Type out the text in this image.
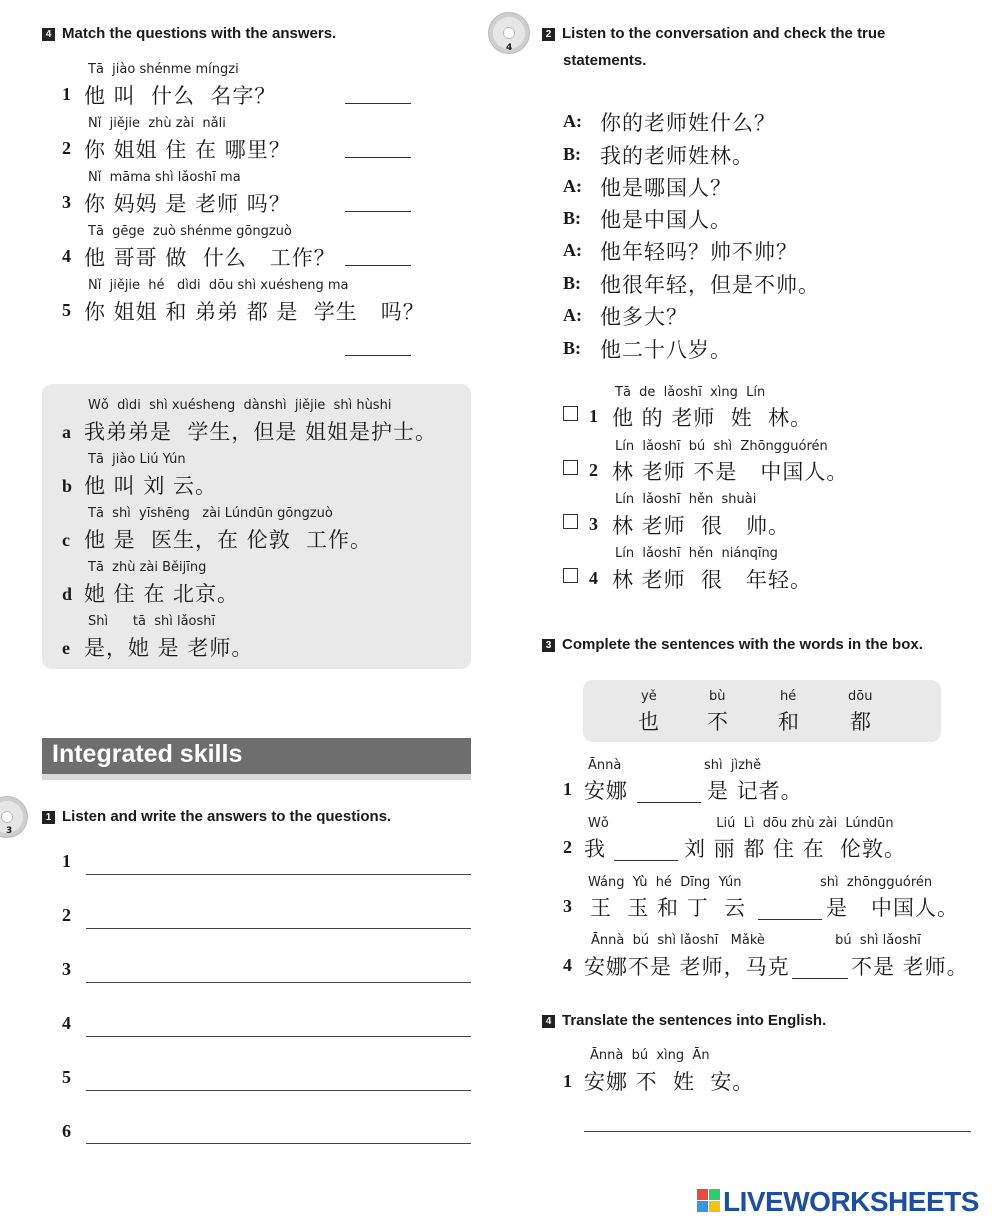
4 Match the questions with the answers.
Tā  jiào shénme míngzi
1 他 叫  什么  名字？
Nǐ  jiějie  zhù zài  nǎli
2 你 姐姐 住 在 哪里？
Nǐ  māma shì lǎoshī ma
3 你 妈妈 是 老师 吗？
Tā  gēge  zuò shénme gōngzuò
4 他 哥哥 做  什么   工作？
Nǐ  jiějie  hé   dìdi  dōu shì xuésheng ma
5 你 姐姐 和 弟弟 都 是  学生   吗？
Wǒ  dìdi  shì xuésheng  dànshì  jiějie  shì hùshi
a 我弟弟是  学生，但是 姐姐是护士。
Tā  jiào Liú Yún
b 他 叫 刘 云。
Tā  shì  yīshēng   zài Lúndūn gōngzuò
c 他 是  医生，在 伦敦  工作。
Tā  zhù zài Běijīng
d 她 住 在 北京。
Shì      tā  shì lǎoshī
e 是，她 是 老师。
Integrated skills
3
1 Listen and write the answers to the questions.
1
2
3
4
5
6
4
2 Listen to the conversation and check the true
statements.
A: 你的老师姓什么？
B: 我的老师姓林。
A: 他是哪国人？
B: 他是中国人。
A: 他年轻吗？帅不帅？
B: 他很年轻，但是不帅。
A: 他多大？
B: 他二十八岁。
Tā  de  lǎoshī  xìng  Lín
1 他 的 老师  姓  林。
Lín  lǎoshī  bú  shì  Zhōngguórén
2 林 老师 不是   中国人。
Lín  lǎoshī  hěn  shuài
3 林 老师  很   帅。
Lín  lǎoshī  hěn  niánqīng
4 林 老师  很   年轻。
3 Complete the sentences with the words in the box.
yě
也
bù
不
hé
和
dōu
都
Ānnà                    shì  jìzhě
1 安娜	是 记者。
Wǒ                          Liú  Lì  dōu zhù zài  Lúndūn
2 我	刘 丽 都 住 在  伦敦。
Wáng  Yù  hé  Dīng  Yún                   shì  zhōngguórén
3 王  玉 和 丁  云	是   中国人。
Ānnà  bú  shì lǎoshī   Mǎkè                 bú  shì lǎoshī
4 安娜不是 老师，马克	不是 老师。
4 Translate the sentences into English.
Ānnà  bú  xìng  Ān
1 安娜 不  姓  安。
LIVEWORKSHEETS
